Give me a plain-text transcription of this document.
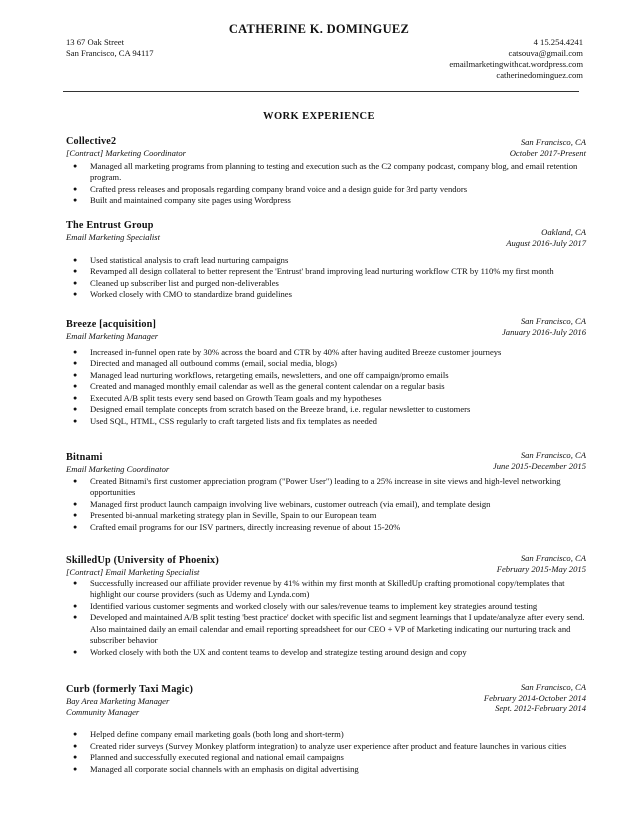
CATHERINE K. DOMINGUEZ
13 67 Oak Street
San Francisco, CA 94117
4 15.254.4241
catsouva@gmail.com
emailmarketingwithcat.wordpress.com
catherinedominguez.com
WORK EXPERIENCE
Collective2
[Contract] Marketing Coordinator
San Francisco, CA
October 2017-Present
● Managed all marketing programs from planning to testing and execution such as the C2 company podcast, company blog, and email retention program.
● Crafted press releases and proposals regarding company brand voice and a design guide for 3rd party vendors
● Built and maintained company site pages using Wordpress
The Entrust Group
Email Marketing Specialist	Oakland, CA
August 2016-July 2017
● Used statistical analysis to craft lead nurturing campaigns
● Revamped all design collateral to better represent the 'Entrust' brand improving lead nurturing workflow CTR by 110% my first month
● Cleaned up subscriber list and purged non-deliverables
● Worked closely with CMO to standardize brand guidelines
Breeze [acquisition]
Email Marketing Manager
San Francisco, CA
January 2016-July 2016
● Increased in-funnel open rate by 30% across the board and CTR by 40% after having audited Breeze customer journeys
● Directed and managed all outbound comms (email, social media, blogs)
● Managed lead nurturing workflows, retargeting emails, newsletters, and one off campaign/promo emails
● Created and managed monthly email calendar as well as the general content calendar on a regular basis
● Executed A/B split tests every send based on Growth Team goals and my hypotheses
● Designed email template concepts from scratch based on the Breeze brand, i.e. regular newsletter to customers
● Used SQL, HTML, CSS regularly to craft targeted lists and fix templates as needed
Bitnami
Email Marketing Coordinator
San Francisco, CA
June 2015-December 2015
● Created Bitnami's first customer appreciation program ("Power User") leading to a 25% increase in site views and high-level networking opportunities
● Managed first product launch campaign involving live webinars, customer outreach (via email), and template design
● Presented bi-annual marketing strategy plan in Seville, Spain to our European team
● Crafted email programs for our ISV partners, directly increasing revenue of about 15-20%
SkilledUp (University of Phoenix)
[Contract] Email Marketing Specialist
San Francisco, CA
February 2015-May 2015
● Successfully increased our affiliate provider revenue by 41% within my first month at SkilledUp crafting promotional copy/templates that highlight our course providers (such as Udemy and Lynda.com)
● Identified various customer segments and worked closely with our sales/revenue teams to implement key strategies around testing
● Developed and maintained A/B split testing 'best practice' docket with specific list and segment learnings that I update/analyze after every send. Also maintained daily an email calendar and email reporting spreadsheet for our CEO + VP of Marketing indicating our nurturing track and subscriber behavior
● Worked closely with both the UX and content teams to develop and strategize testing around design and copy
Curb (formerly Taxi Magic)
Bay Area Marketing Manager
Community Manager
San Francisco, CA
February 2014-October 2014
Sept. 2012-February 2014
● Helped define company email marketing goals (both long and short-term)
● Created rider surveys (Survey Monkey platform integration) to analyze user experience after product and feature launches in various cities
● Planned and successfully executed regional and national email campaigns
● Managed all corporate social channels with an emphasis on digital advertising
